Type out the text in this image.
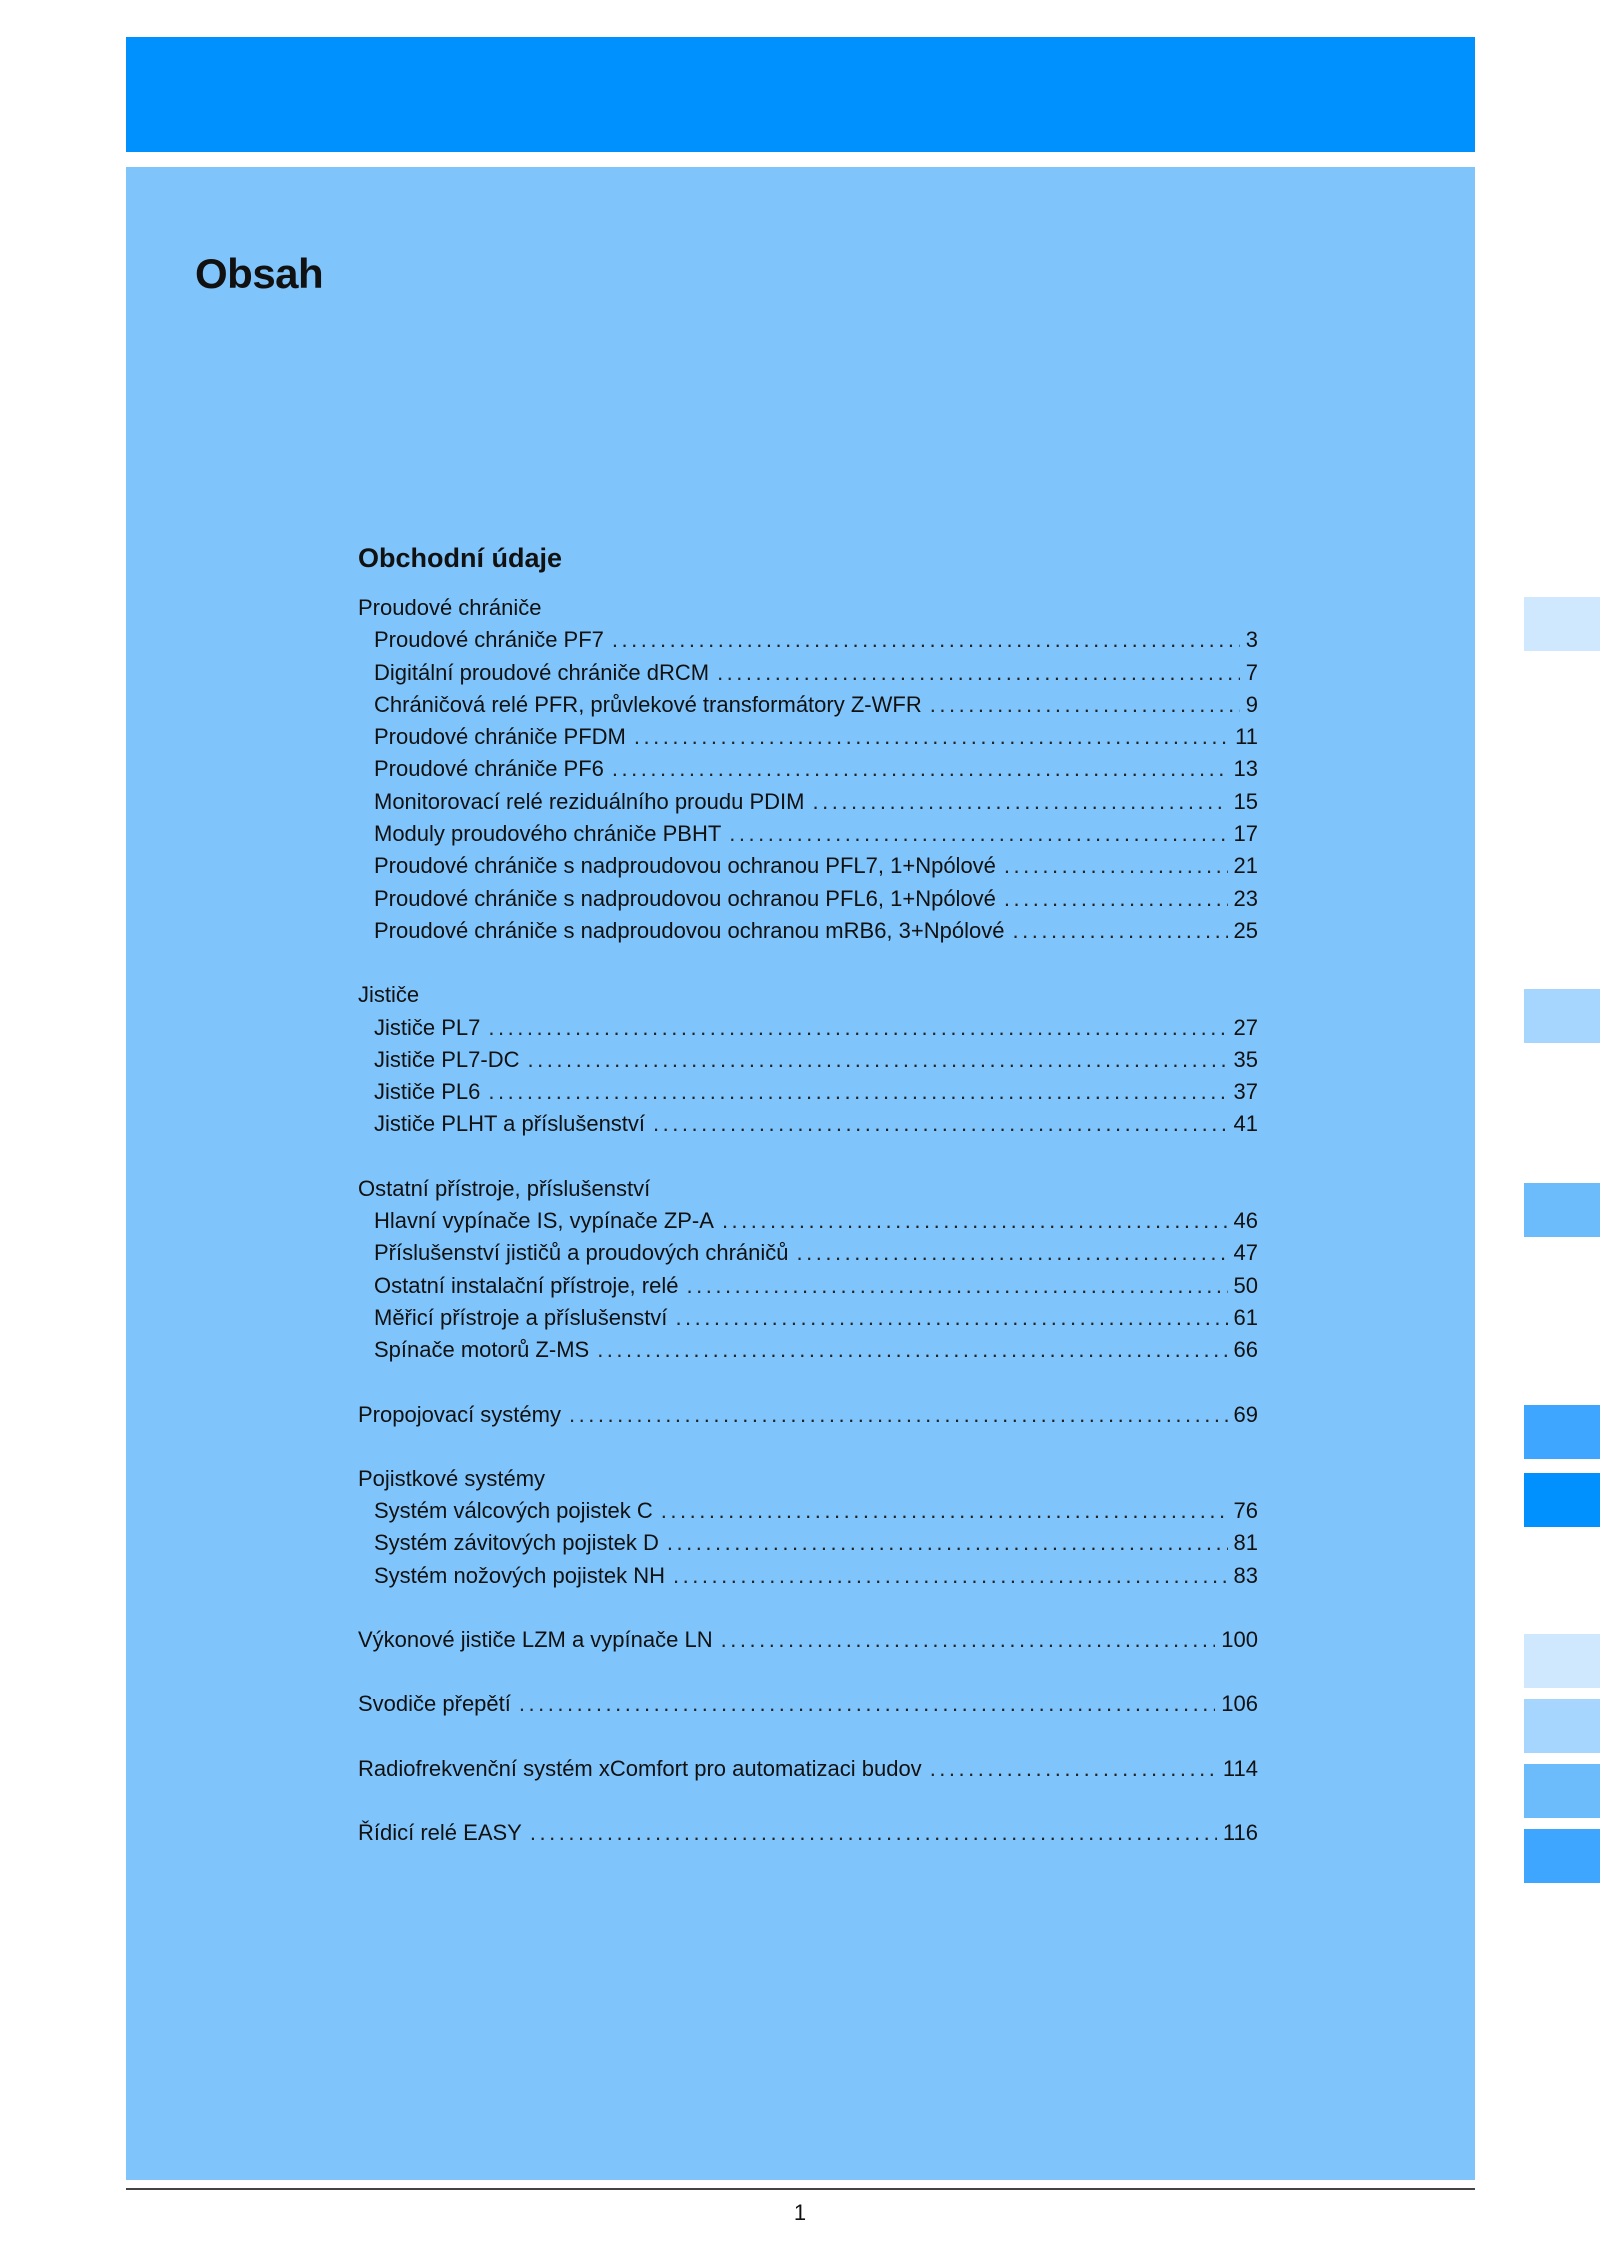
Obsah
Obchodní údaje
Proudové chrániče
Proudové chrániče PF7 . . .	3
Digitální proudové chrániče dRCM . . .	7
Chráničová relé PFR, průvlekové transformátory Z-WFR . . .	9
Proudové chrániče PFDM . . .	11
Proudové chrániče PF6 . . .	13
Monitorovací relé reziduálního proudu PDIM . . .	15
Moduly proudového chrániče PBHT . . .	17
Proudové chrániče s nadproudovou ochranou PFL7, 1+Npólové . . .	21
Proudové chrániče s nadproudovou ochranou PFL6, 1+Npólové . . .	23
Proudové chrániče s nadproudovou ochranou mRB6, 3+Npólové . . .	25
Jističe
Jističe PL7 . . .	27
Jističe PL7-DC . . .	35
Jističe PL6 . . .	37
Jističe PLHT a příslušenství . . .	41
Ostatní přístroje, příslušenství
Hlavní vypínače IS, vypínače ZP-A . . .	46
Příslušenství jističů a proudových chráničů . . .	47
Ostatní instalační přístroje, relé . . .	50
Měřicí přístroje a příslušenství . . .	61
Spínače motorů Z-MS . . .	66
Propojovací systémy . . .	69
Pojistkové systémy
Systém válcových pojistek C . . .	76
Systém závitových pojistek D . . .	81
Systém nožových pojistek NH . . .	83
Výkonové jističe LZM a vypínače LN . . .	100
Svodiče přepětí . . .	106
Radiofrekvenční systém xComfort pro automatizaci budov . . .	114
Řídicí relé EASY . . .	116
1
